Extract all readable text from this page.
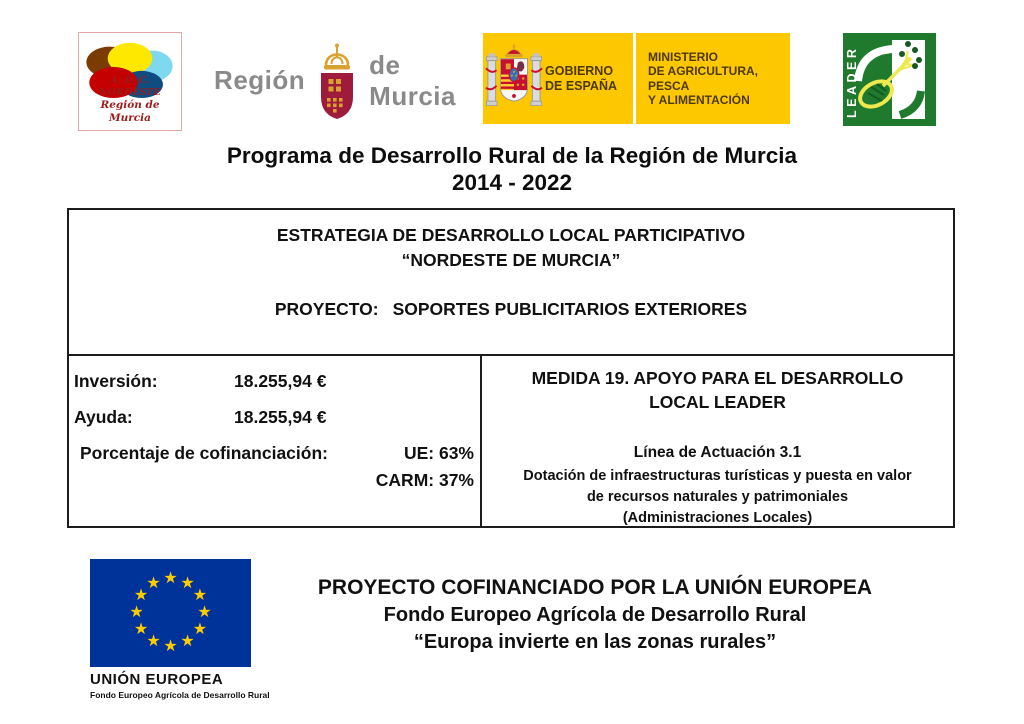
A. D. C. NORDESTE
Región de Murcia
Región
de Murcia
GOBIERNO
DE ESPAÑA
MINISTERIO
DE AGRICULTURA, PESCA
Y ALIMENTACIÓN	LEADER
Programa de Desarrollo Rural de la Región de Murcia
2014 - 2022
ESTRATEGIA DE DESARROLLO LOCAL PARTICIPATIVO
“NORDESTE DE MURCIA”
PROYECTO: SOPORTES PUBLICITARIOS EXTERIORES
Inversión:	18.255,94 €
Ayuda:	18.255,94 €
Porcentaje de cofinanciación:	UE: 63%
CARM: 37%
MEDIDA 19. APOYO PARA EL DESARROLLO
LOCAL LEADER
Línea de Actuación 3.1
Dotación de infraestructuras turísticas y puesta en valor
de recursos naturales y patrimoniales
(Administraciones Locales)
★ ★
★
★
★
★
★
★
★
★
★
★
UNIÓN EUROPEA
Fondo Europeo Agrícola de Desarrollo Rural
PROYECTO COFINANCIADO POR LA UNIÓN EUROPEA
Fondo Europeo Agrícola de Desarrollo Rural
“Europa invierte en las zonas rurales”
